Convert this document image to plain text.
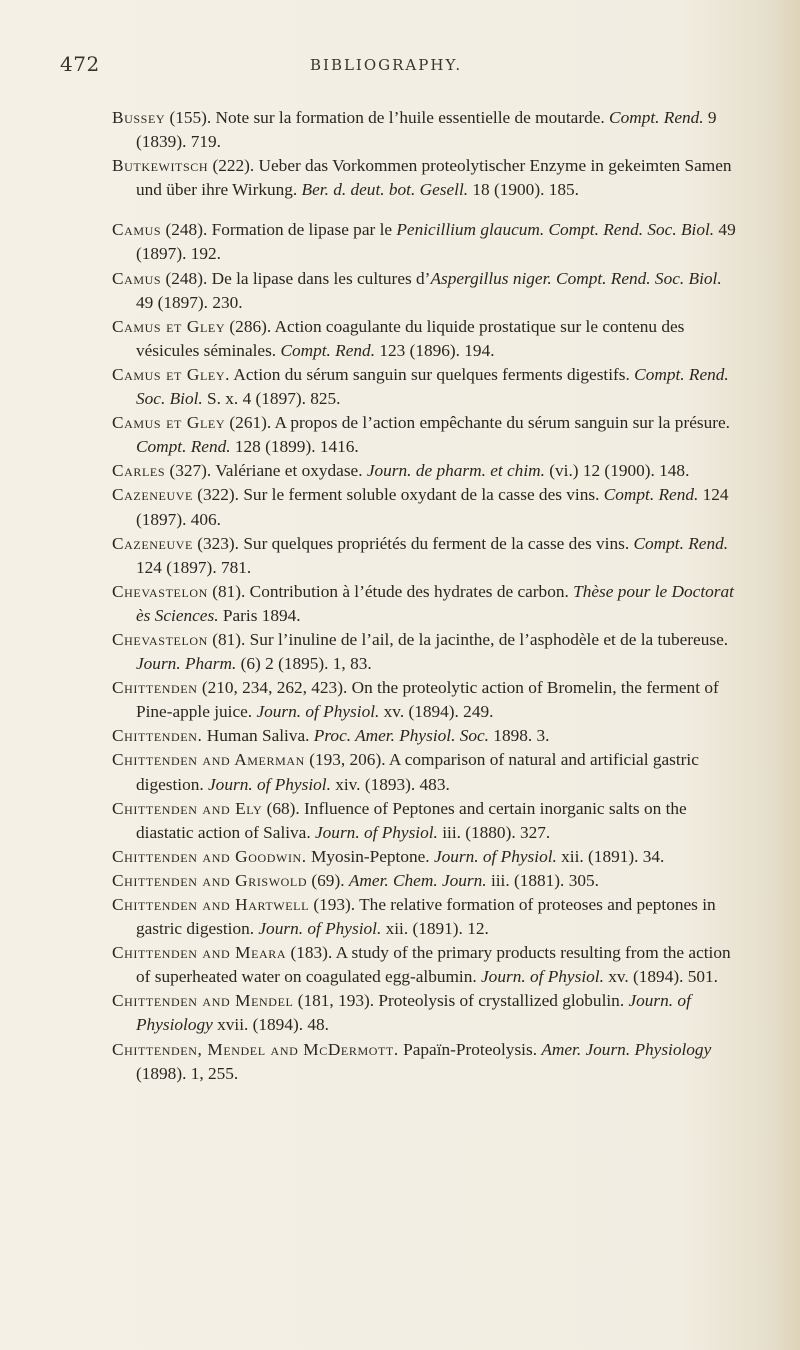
472	BIBLIOGRAPHY.
Bussey (155). Note sur la formation de l’huile essentielle de moutarde. Compt. Rend. 9 (1839). 719.
Butkewitsch (222). Ueber das Vorkommen proteolytischer Enzyme in gekeimten Samen und über ihre Wirkung. Ber. d. deut. bot. Gesell. 18 (1900). 185.
Camus (248). Formation de lipase par le Penicillium glaucum. Compt. Rend. Soc. Biol. 49 (1897). 192.
Camus (248). De la lipase dans les cultures d’Aspergillus niger. Compt. Rend. Soc. Biol. 49 (1897). 230.
Camus et Gley (286). Action coagulante du liquide prostatique sur le contenu des vésicules séminales. Compt. Rend. 123 (1896). 194.
Camus et Gley. Action du sérum sanguin sur quelques ferments digestifs. Compt. Rend. Soc. Biol. S. x. 4 (1897). 825.
Camus et Gley (261). A propos de l’action empêchante du sérum sanguin sur la présure. Compt. Rend. 128 (1899). 1416.
Carles (327). Valériane et oxydase. Journ. de pharm. et chim. (vi.) 12 (1900). 148.
Cazeneuve (322). Sur le ferment soluble oxydant de la casse des vins. Compt. Rend. 124 (1897). 406.
Cazeneuve (323). Sur quelques propriétés du ferment de la casse des vins. Compt. Rend. 124 (1897). 781.
Chevastelon (81). Contribution à l’étude des hydrates de carbon. Thèse pour le Doctorat ès Sciences. Paris 1894.
Chevastelon (81). Sur l’inuline de l’ail, de la jacinthe, de l’asphodèle et de la tubereuse. Journ. Pharm. (6) 2 (1895). 1, 83.
Chittenden (210, 234, 262, 423). On the proteolytic action of Bromelin, the ferment of Pine-apple juice. Journ. of Physiol. xv. (1894). 249.
Chittenden. Human Saliva. Proc. Amer. Physiol. Soc. 1898. 3.
Chittenden and Amerman (193, 206). A comparison of natural and artificial gastric digestion. Journ. of Physiol. xiv. (1893). 483.
Chittenden and Ely (68). Influence of Peptones and certain inorganic salts on the diastatic action of Saliva. Journ. of Physiol. iii. (1880). 327.
Chittenden and Goodwin. Myosin-Peptone. Journ. of Physiol. xii. (1891). 34.
Chittenden and Griswold (69). Amer. Chem. Journ. iii. (1881). 305.
Chittenden and Hartwell (193). The relative formation of proteoses and peptones in gastric digestion. Journ. of Physiol. xii. (1891). 12.
Chittenden and Meara (183). A study of the primary products resulting from the action of superheated water on coagulated egg-albumin. Journ. of Physiol. xv. (1894). 501.
Chittenden and Mendel (181, 193). Proteolysis of crystallized globulin. Journ. of Physiology xvii. (1894). 48.
Chittenden, Mendel and McDermott. Papaïn-Proteolysis. Amer. Journ. Physiology (1898). 1, 255.
